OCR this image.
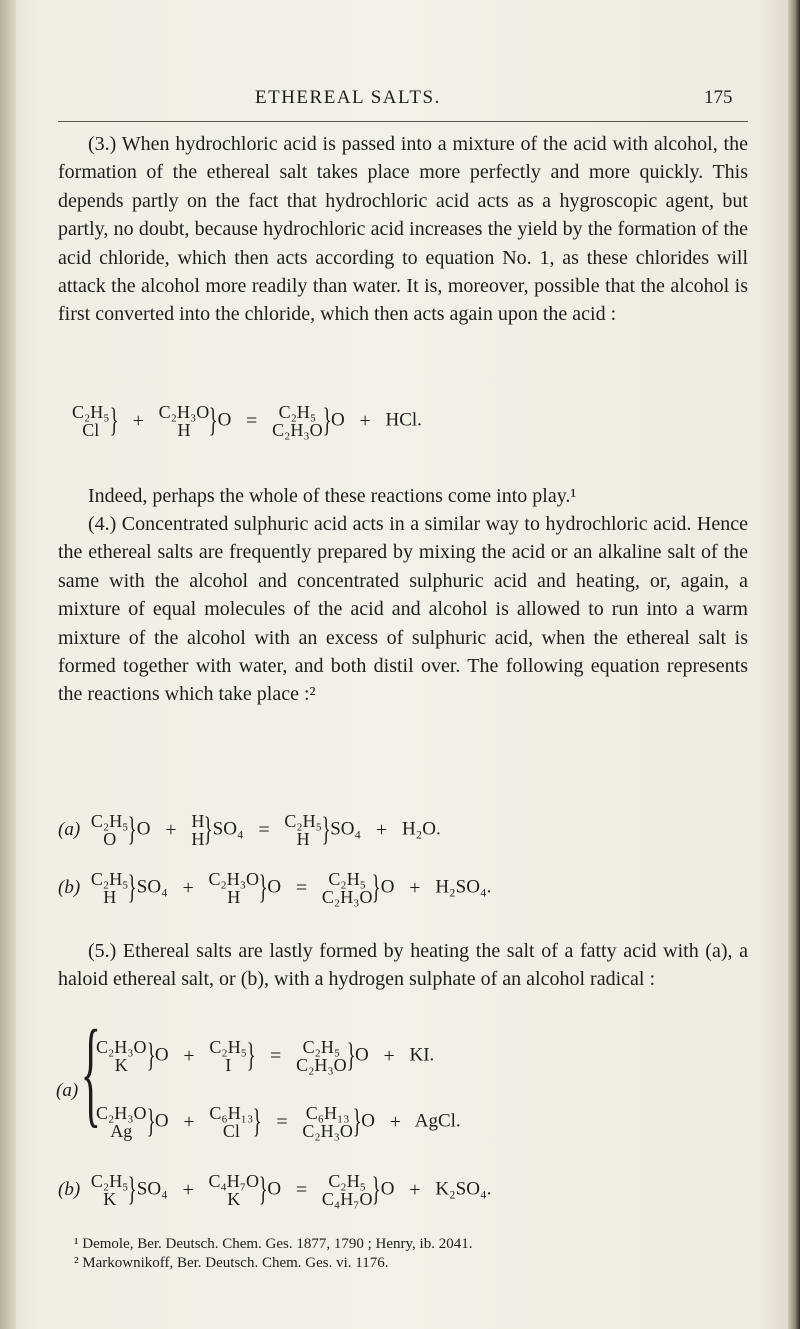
ETHEREAL SALTS.	175

(3.) When hydrochloric acid is passed into a mixture of the acid with alcohol, the formation of the ethereal salt takes place more perfectly and more quickly. This depends partly on the fact that hydrochloric acid acts as a hygroscopic agent, but partly, no doubt, because hydrochloric acid increases the yield by the formation of the acid chloride, which then acts according to equation No. 1, as these chlorides will attack the alcohol more readily than water. It is, moreover, possible that the alcohol is first converted into the chloride, which then acts again upon the acid :

C₂H₅
Cl } + C₂H₃O
H }O =	C₂H₅
C₂H₃O }O + HCl.

Indeed, perhaps the whole of these reactions come into play.¹

(4.) Concentrated sulphuric acid acts in a similar way to hydrochloric acid. Hence the ethereal salts are frequently prepared by mixing the acid or an alkaline salt of the same with the alcohol and concentrated sulphuric acid and heating, or, again, a mixture of equal molecules of the acid and alcohol is allowed to run into a warm mixture of the alcohol with an excess of sulphuric acid, when the ethereal salt is formed together with water, and both distil over. The following equation represents the reactions which take place :²

(a) C₂H₅
O }O + H
H }SO₄ = C₂H₅
H }SO₄ + H₂O.
(b) C₂H₅
H }SO₄ + C₂H₃O
H }O =	C₂H₅
C₂H₃O }O + H₂SO₄.

(5.) Ethereal salts are lastly formed by heating the salt of a fatty acid with (a), a haloid ethereal salt, or (b), with a hydrogen sulphate of an alcohol radical :

(a) {
C₂H₃O
K }O + C₂H₅
I } =	C₂H₅
C₂H₃O }O + KI.
C₂H₃O
Ag }O + C₆H₁₃
Cl } = C₆H₁₃
C₂H₃O }O + AgCl.
(b) C₂H₅
K }SO₄ + C₄H₇O
K }O =	C₂H₅
C₄H₇O }O + K₂SO₄.
¹ Demole, Ber. Deutsch. Chem. Ges. 1877, 1790 ; Henry, ib. 2041.
² Markownikoff, Ber. Deutsch. Chem. Ges. vi. 1176.
